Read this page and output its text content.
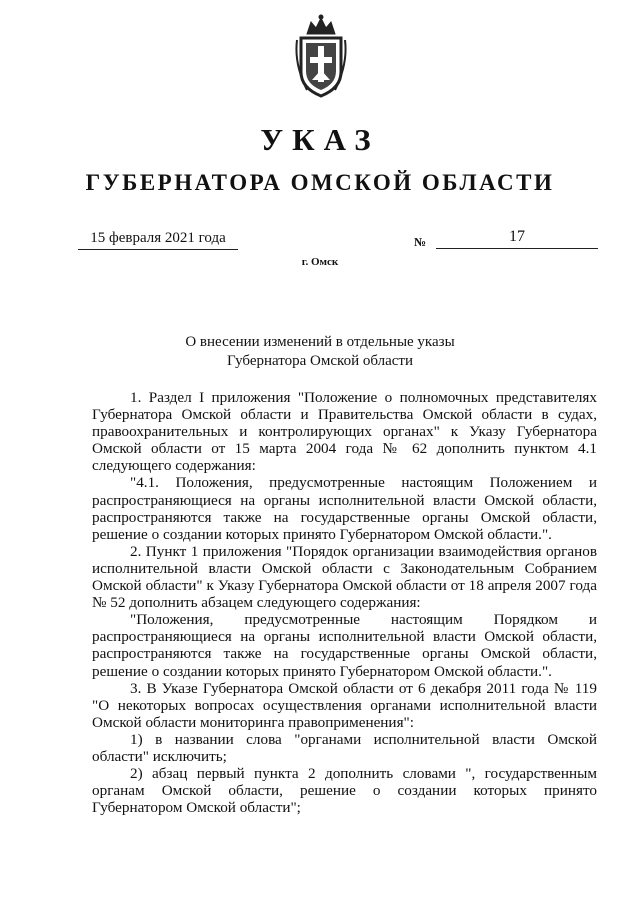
УКАЗ
ГУБЕРНАТОРА ОМСКОЙ ОБЛАСТИ
15 февраля 2021 года	№	17
г. Омск
О внесении изменений в отдельные указы
Губернатора Омской области

1. Раздел I приложения "Положение о полномочных представителях Губернатора Омской области и Правительства Омской области в судах, правоохранительных и контролирующих органах" к Указу Губернатора Омской области от 15 марта 2004 года № 62 дополнить пунктом 4.1 следующего содержания:

"4.1. Положения, предусмотренные настоящим Положением и распространяющиеся на органы исполнительной власти Омской области, распространяются также на государственные органы Омской области, решение о создании которых принято Губернатором Омской области.".

2. Пункт 1 приложения "Порядок организации взаимодействия органов исполнительной власти Омской области с Законодательным Собранием Омской области" к Указу Губернатора Омской области от 18 апреля 2007 года № 52 дополнить абзацем следующего содержания:

"Положения, предусмотренные настоящим Порядком и распространяющиеся на органы исполнительной власти Омской области, распространяются также на государственные органы Омской области, решение о создании которых принято Губернатором Омской области.".

3. В Указе Губернатора Омской области от 6 декабря 2011 года № 119 "О некоторых вопросах осуществления органами исполнительной власти Омской области мониторинга правоприменения":

1) в названии слова "органами исполнительной власти Омской области" исключить;

2) абзац первый пункта 2 дополнить словами ", государственным органам Омской области, решение о создании которых принято Губернатором Омской области";
